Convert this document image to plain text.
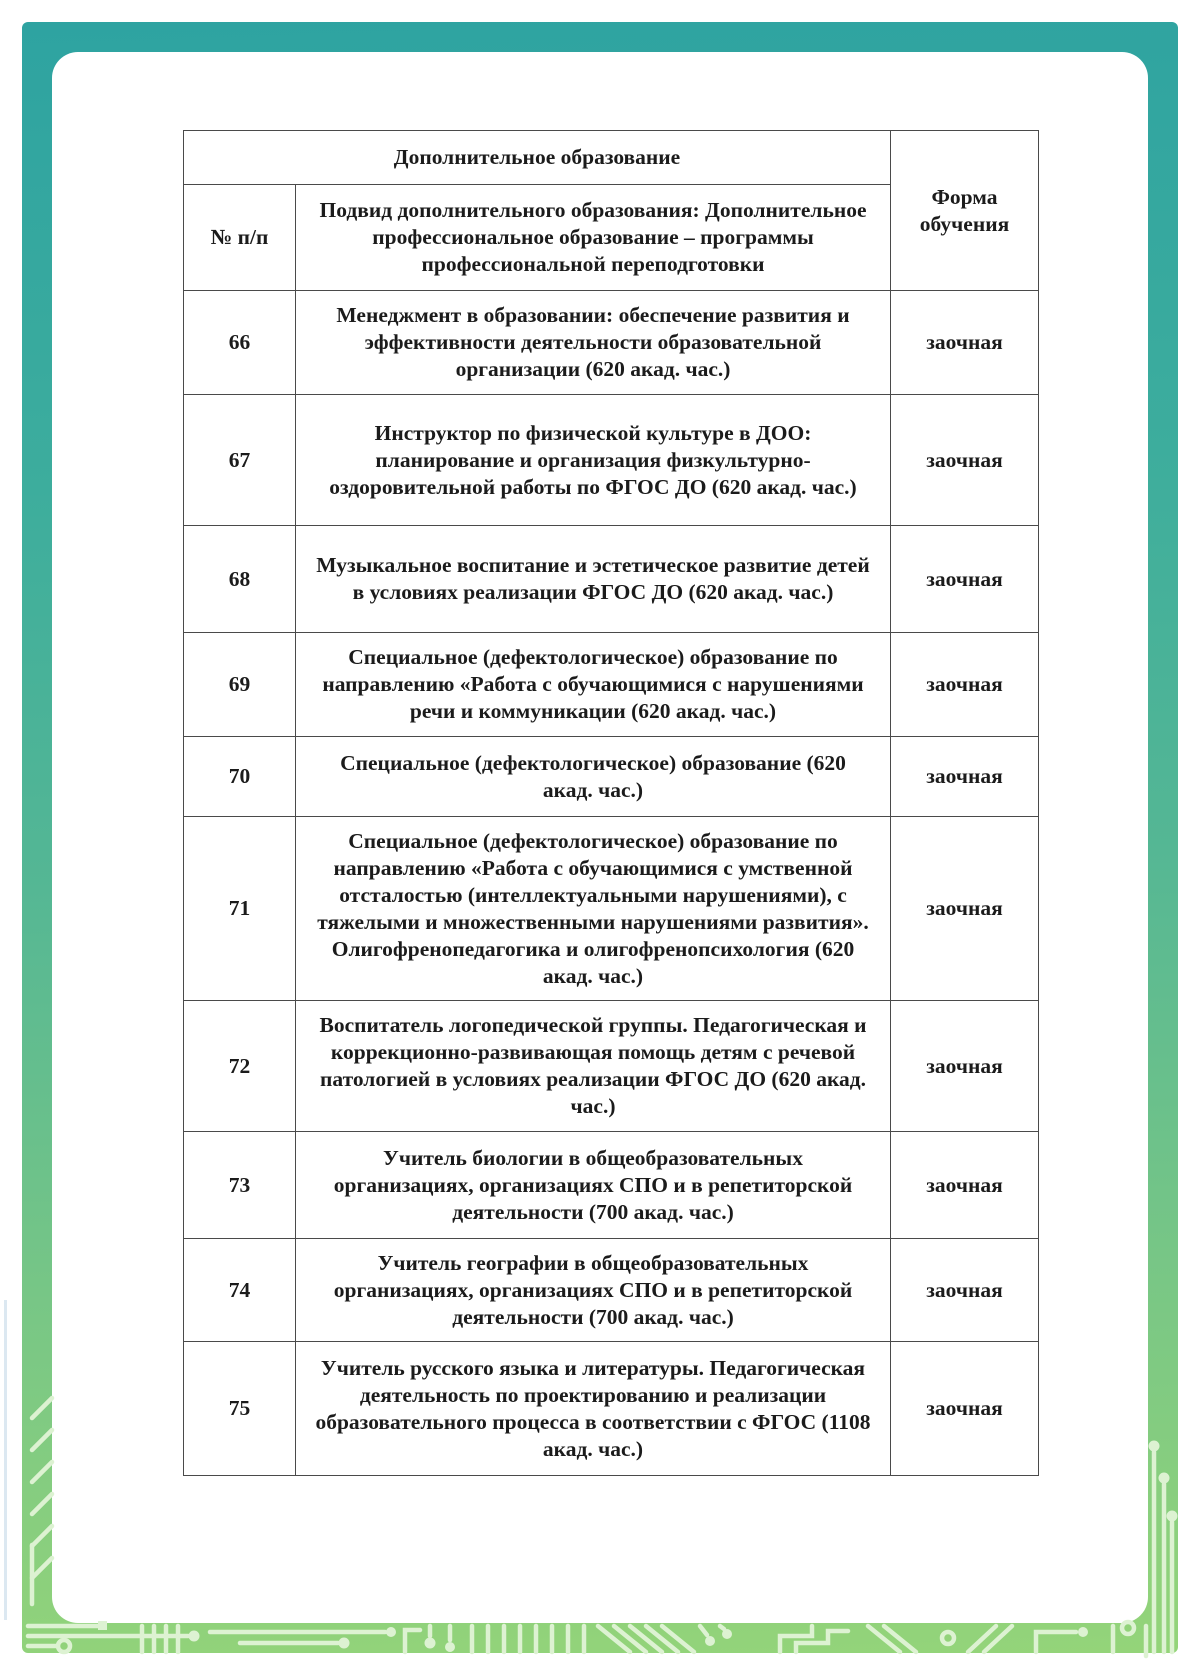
Дополнительное образование		Форма обучения
№ п/п	Подвид дополнительного образования: Дополнительное профессиональное образование – программы профессиональной переподготовки	
66	Менеджмент в образовании: обеспечение развития и эффективности деятельности образовательной организации (620 акад. час.)	заочная
67	Инструктор по физической культуре в ДОО: планирование и организация физкультурно-оздоровительной работы по ФГОС ДО (620 акад. час.)	заочная
68	Музыкальное воспитание и эстетическое развитие детей в условиях реализации ФГОС ДО (620 акад. час.)	заочная
69	Специальное (дефектологическое) образование по направлению «Работа с обучающимися с нарушениями речи и коммуникации (620 акад. час.)	заочная
70	Специальное (дефектологическое) образование (620 акад. час.)	заочная
71	Специальное (дефектологическое) образование по направлению «Работа с обучающимися с умственной отсталостью (интеллектуальными нарушениями), с тяжелыми и множественными нарушениями развития». Олигофренопедагогика и олигофренопсихология (620 акад. час.)	заочная
72	Воспитатель логопедической группы. Педагогическая и коррекционно-развивающая помощь детям с речевой патологией в условиях реализации ФГОС ДО (620 акад. час.)	заочная
73	Учитель биологии в общеобразовательных организациях, организациях СПО и в репетиторской деятельности (700 акад. час.)	заочная
74	Учитель географии в общеобразовательных организациях, организациях СПО и в репетиторской деятельности (700 акад. час.)	заочная
75	Учитель русского языка и литературы. Педагогическая деятельность по проектированию и реализации образовательного процесса в соответствии с ФГОС (1108 акад. час.)	заочная
